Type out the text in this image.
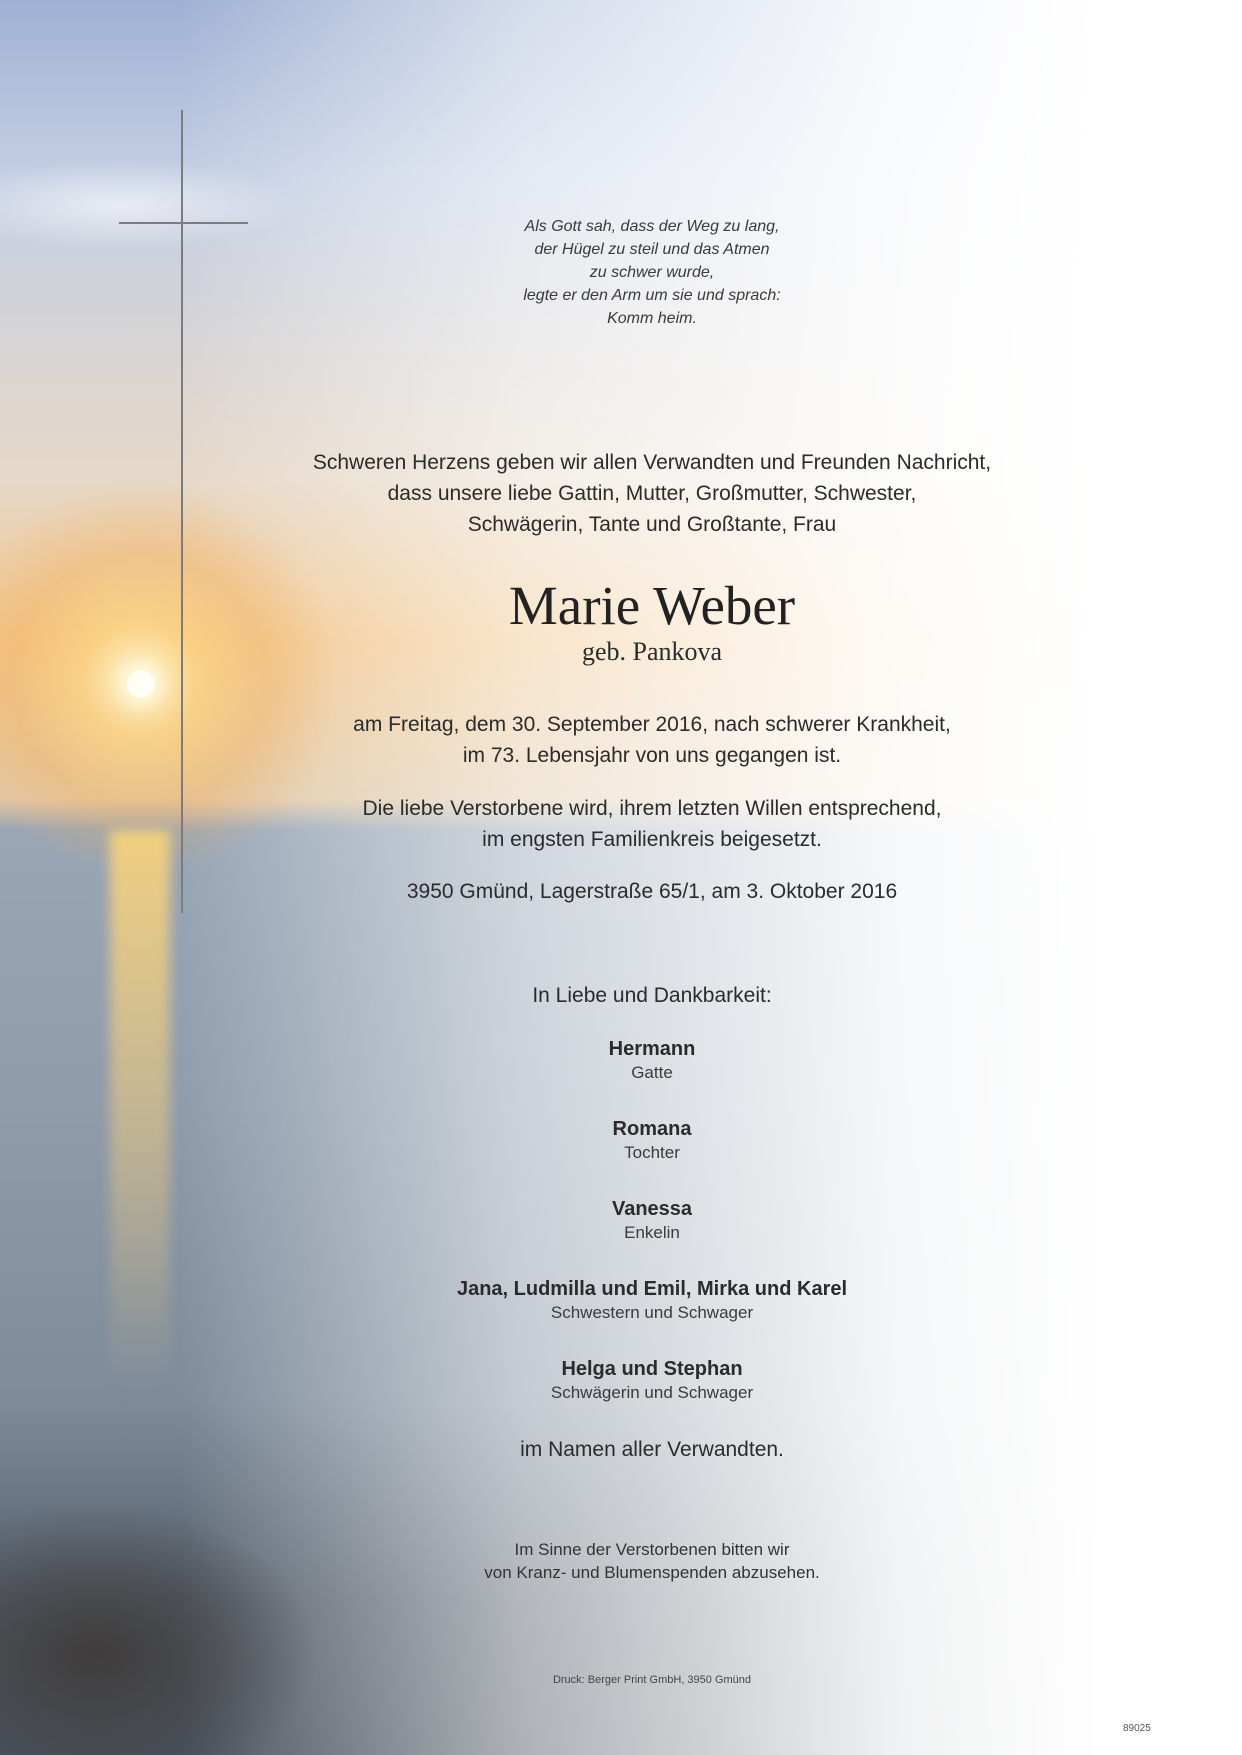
Als Gott sah, dass der Weg zu lang,
der Hügel zu steil und das Atmen
zu schwer wurde,
legte er den Arm um sie und sprach:
Komm heim.
Schweren Herzens geben wir allen Verwandten und Freunden Nachricht,
dass unsere liebe Gattin, Mutter, Großmutter, Schwester,
Schwägerin, Tante und Großtante, Frau
Marie Weber
geb. Pankova
am Freitag, dem 30. September 2016, nach schwerer Krankheit,
im 73. Lebensjahr von uns gegangen ist.
Die liebe Verstorbene wird, ihrem letzten Willen entsprechend,
im engsten Familienkreis beigesetzt.
3950 Gmünd, Lagerstraße 65/1, am 3. Oktober 2016
In Liebe und Dankbarkeit:
Hermann
Gatte
Romana
Tochter
Vanessa
Enkelin
Jana, Ludmilla und Emil, Mirka und Karel
Schwestern und Schwager
Helga und Stephan
Schwägerin und Schwager
im Namen aller Verwandten.
Im Sinne der Verstorbenen bitten wir
von Kranz- und Blumenspenden abzusehen.
Druck: Berger Print GmbH, 3950 Gmünd
89025
